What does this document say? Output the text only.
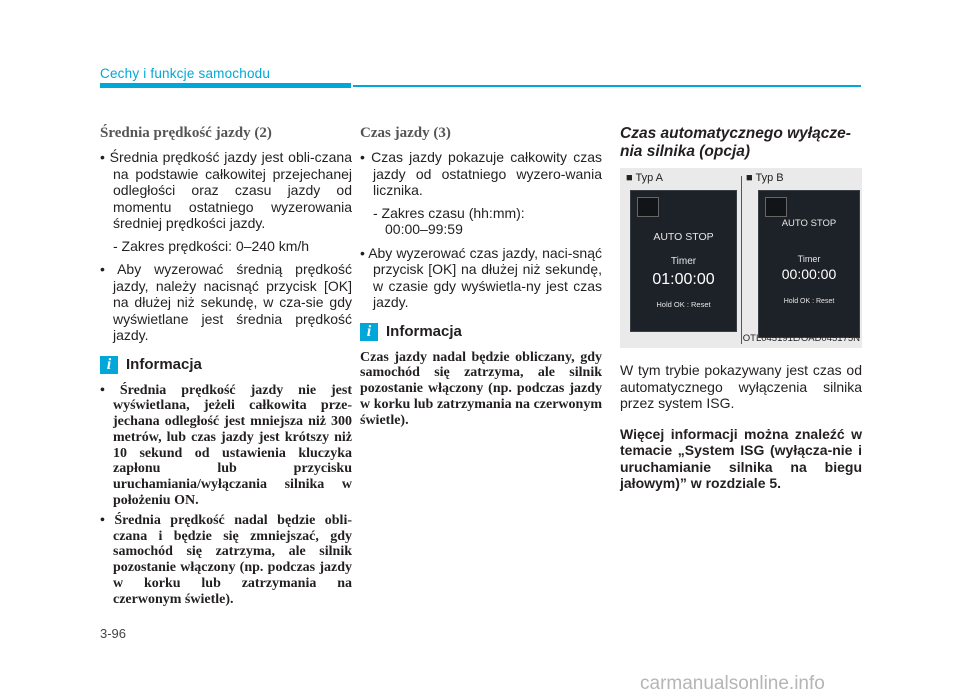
Cechy i funkcje samochodu
Średnia prędkość jazdy (2)

• Średnia prędkość jazdy jest obli-czana na podstawie całkowitej przejechanej odległości oraz czasu jazdy od momentu ostatniego wyzerowania średniej prędkości jazdy.

- Zakres prędkości: 0–240 km/h

• Aby wyzerować średnią prędkość jazdy, należy nacisnąć przycisk [OK] na dłużej niż sekundę, w cza-sie gdy wyświetlane jest średnia prędkość jazdy.

i Informacja

• Średnia prędkość jazdy nie jest wyświetlana, jeżeli całkowita prze-jechana odległość jest mniejsza niż 300 metrów, lub czas jazdy jest krótszy niż 10 sekund od ustawienia kluczyka zapłonu lub przycisku uruchamiania/wyłączania silnika w położeniu ON.

• Średnia prędkość nadal będzie obli-czana i będzie się zmniejszać, gdy samochód się zatrzyma, ale silnik pozostanie włączony (np. podczas jazdy w korku lub zatrzymania na czerwonym świetle).

Czas jazdy (3)

• Czas jazdy pokazuje całkowity czas jazdy od ostatniego wyzero-wania licznika.

- Zakres czasu (hh:mm):
00:00–99:59

• Aby wyzerować czas jazdy, naci-snąć przycisk [OK] na dłużej niż sekundę, w czasie gdy wyświetla-ny jest czas jazdy.

i Informacja

Czas jazdy nadal będzie obliczany, gdy samochód się zatrzyma, ale silnik pozostanie włączony (np. podczas jazdy w korku lub zatrzymania na czerwonym świetle).

Czas automatycznego wyłącze-nia silnika (opcja)
■ Typ A	■ Typ B
AUTO STOP
Timer
01:00:00
Hold OK : Reset
AUTO STOP
Timer
00:00:00
Hold OK : Reset
OTL045191L/OAD045175N

W tym trybie pokazywany jest czas od automatycznego wyłączenia silnika przez system ISG.

Więcej informacji można znaleźć w temacie „System ISG (wyłącza-nie i uruchamianie silnika na biegu jałowym)” w rozdziale 5.

3-96
carmanualsonline.info
